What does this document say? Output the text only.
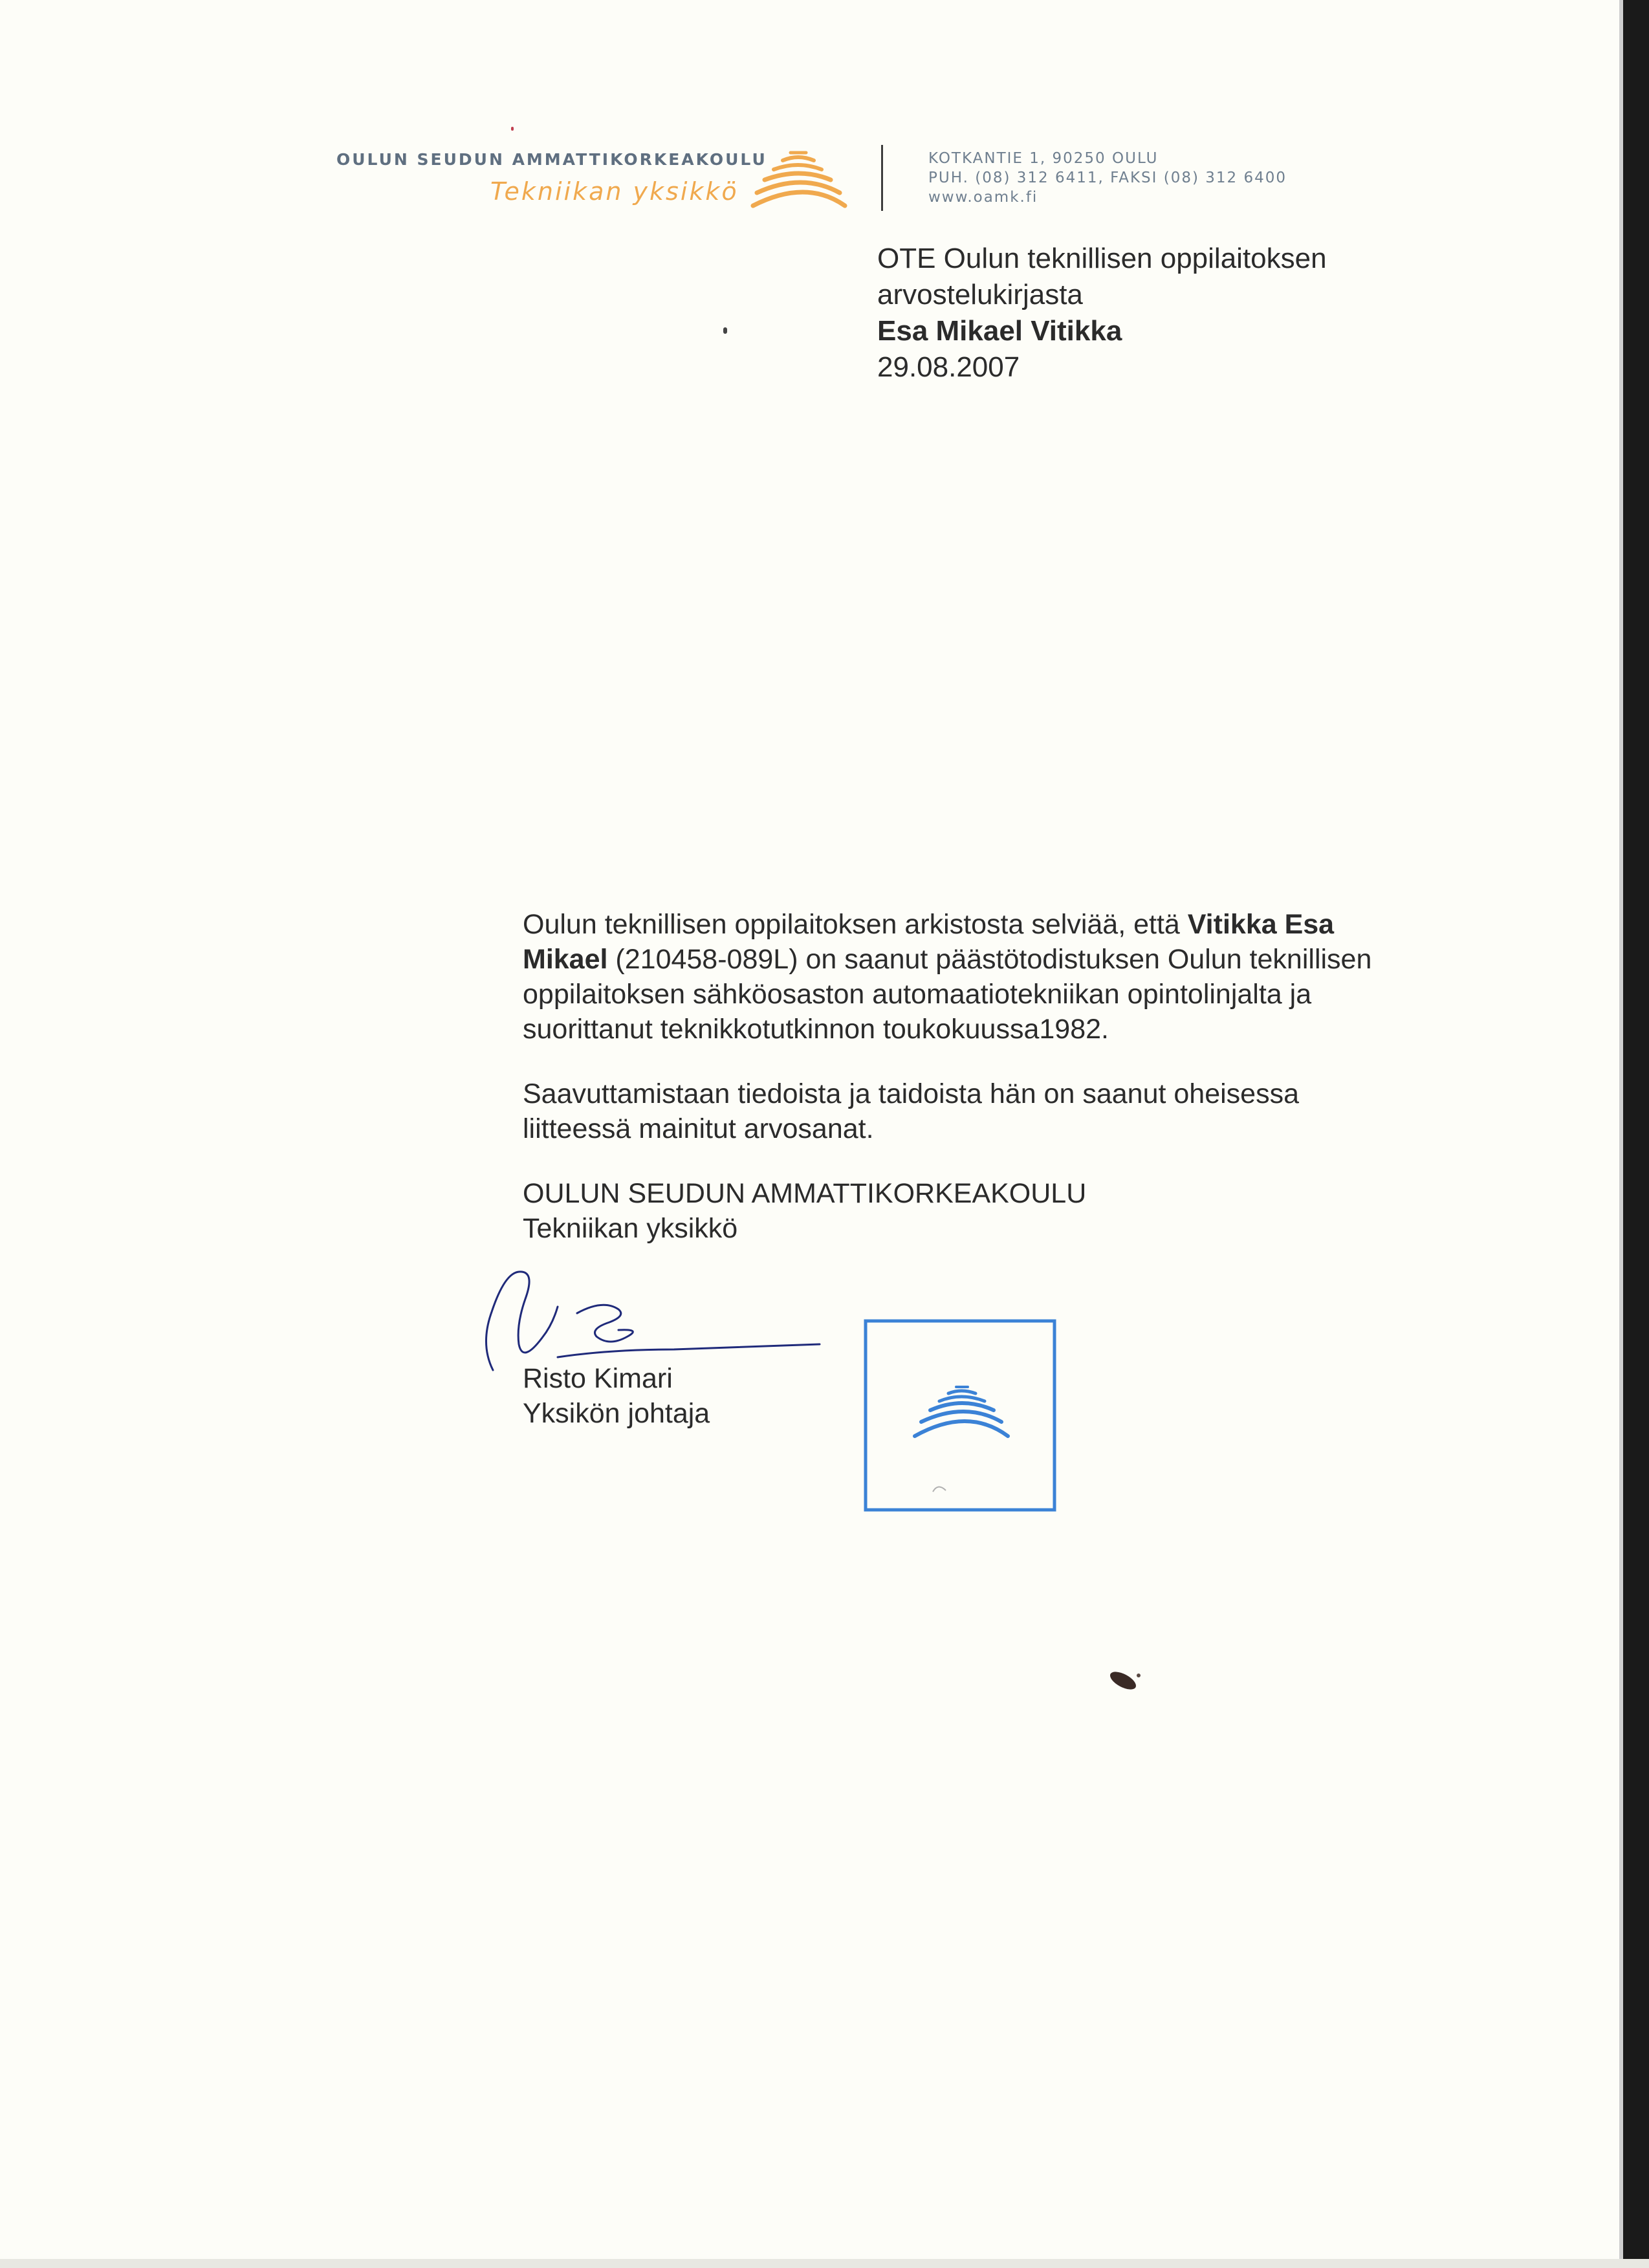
OULUN SEUDUN AMMATTIKORKEAKOULU
Tekniikan yksikkö
KOTKANTIE 1, 90250 OULU
PUH. (08) 312 6411, FAKSI (08) 312 6400
www.oamk.fi
OTE Oulun teknillisen oppilaitoksen
arvostelukirjasta
Esa Mikael Vitikka
29.08.2007

Oulun teknillisen oppilaitoksen arkistosta selviää, että Vitikka Esa

Mikael (210458-089L) on saanut päästötodistuksen Oulun teknillisen

oppilaitoksen sähköosaston automaatiotekniikan opintolinjalta ja

suorittanut teknikkotutkinnon toukokuussa1982.

Saavuttamistaan tiedoista ja taidoista hän on saanut oheisessa

liitteessä mainitut arvosanat.

OULUN SEUDUN AMMATTIKORKEAKOULU

Tekniikan yksikkö

Risto Kimari
Yksikön johtaja
